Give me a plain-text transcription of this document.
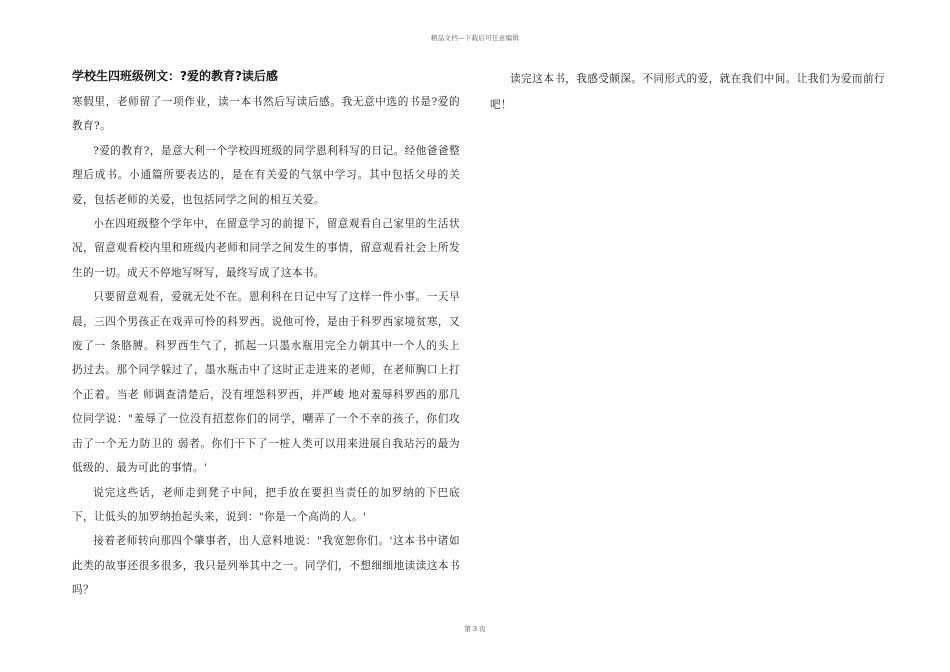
精品文档—下载后可任意编辑
学校生四班级例文：?爱的教育?读后感

寒假里，老师留了一项作业，读一本书然后写读后感。我无意中选的书是?爱的教育?。

?爱的教育?，是意大利一个学校四班级的同学恩利科写的日记。经他爸爸整理后成书。小通篇所要表达的，是在有关爱的气氛中学习。其中包括父母的关爱，包括老师的关爱，也包括同学之间的相互关爱。

小在四班级整个学年中，在留意学习的前提下，留意观看自己家里的生活状况，留意观看校内里和班级内老师和同学之间发生的事情，留意观看社会上所发生的一切。成天不停地写呀写，最终写成了这本书。

只要留意观看，爱就无处不在。恩利科在日记中写了这样一件小事。一天早晨，三四个男孩正在戏弄可怜的科罗西。说他可怜，是由于科罗西家境贫寒，又废了一 条胳膊。科罗西生气了，抓起一只墨水瓶用完全力朝其中一个人的头上扔过去。那个同学躲过了，墨水瓶击中了这时正走进来的老师，在老师胸口上打个正着。当老 师调查清楚后，没有埋怨科罗西，并严峻 地对羞辱科罗西的那几位同学说："羞辱了一位没有招惹你们的同学，嘲弄了一个不幸的孩子，你们攻击了一个无力防卫的 弱者。你们干下了一桩人类可以用来进展自我玷污的最为低级的、最为可此的事情。'

说完这些话，老师走到凳子中间，把手放在要担当责任的加罗纳的下巴底下，让低头的加罗纳抬起头来，说到："你是一个高尚的人。'

接着老师转向那四个肇事者，出人意料地说："我宽恕你们。'这本书中诸如此类的故事还很多很多，我只是列举其中之一。同学们，不想细细地读读这本书吗？

读完这本书，我感受颇深。不同形式的爱，就在我们中间。让我们为爱而前行吧！

第 3 页
